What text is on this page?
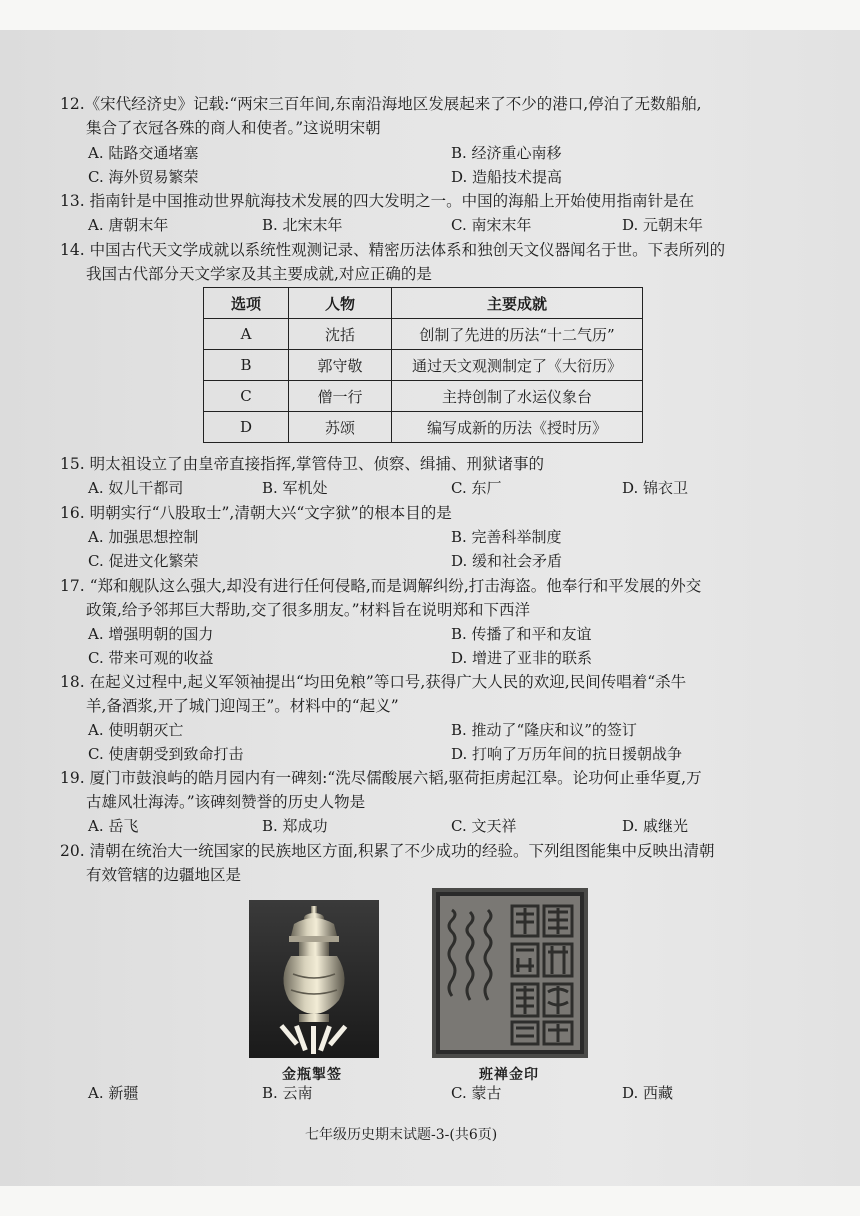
12.《宋代经济史》记载:“两宋三百年间,东南沿海地区发展起来了不少的港口,停泊了无数船舶,
集合了衣冠各殊的商人和使者。”这说明宋朝
A. 陆路交通堵塞	B. 经济重心南移
C. 海外贸易繁荣	D. 造船技术提高
13. 指南针是中国推动世界航海技术发展的四大发明之一。中国的海船上开始使用指南针是在
A. 唐朝末年	B. 北宋末年	C. 南宋末年	D. 元朝末年
14. 中国古代天文学成就以系统性观测记录、精密历法体系和独创天文仪器闻名于世。下表所列的
我国古代部分天文学家及其主要成就,对应正确的是
选项	人物	主要成就
A	沈括	创制了先进的历法“十二气历”
B	郭守敬	通过天文观测制定了《大衍历》
C	僧一行	主持创制了水运仪象台
D	苏颂	编写成新的历法《授时历》
15. 明太祖设立了由皇帝直接指挥,掌管侍卫、侦察、缉捕、刑狱诸事的
A. 奴儿干都司	B. 军机处	C. 东厂	D. 锦衣卫
16. 明朝实行“八股取士”,清朝大兴“文字狱”的根本目的是
A. 加强思想控制	B. 完善科举制度
C. 促进文化繁荣	D. 缓和社会矛盾
17. “郑和舰队这么强大,却没有进行任何侵略,而是调解纠纷,打击海盗。他奉行和平发展的外交
政策,给予邻邦巨大帮助,交了很多朋友。”材料旨在说明郑和下西洋
A. 增强明朝的国力	B. 传播了和平和友谊
C. 带来可观的收益	D. 增进了亚非的联系
18. 在起义过程中,起义军领袖提出“均田免粮”等口号,获得广大人民的欢迎,民间传唱着“杀牛
羊,备酒浆,开了城门迎闯王”。材料中的“起义”
A. 使明朝灭亡	B. 推动了“隆庆和议”的签订
C. 使唐朝受到致命打击	D. 打响了万历年间的抗日援朝战争
19. 厦门市鼓浪屿的皓月园内有一碑刻:“洗尽儒酸展六韬,驱荷拒虏起江皋。论功何止垂华夏,万
古雄风壮海涛。”该碑刻赞誉的历史人物是
A. 岳飞	B. 郑成功	C. 文天祥	D. 戚继光
20. 清朝在统治大一统国家的民族地区方面,积累了不少成功的经验。下列组图能集中反映出清朝
有效管辖的边疆地区是
金瓶掣签	班禅金印
A. 新疆	B. 云南	C. 蒙古	D. 西藏
七年级历史期末试题-3-(共6页)
